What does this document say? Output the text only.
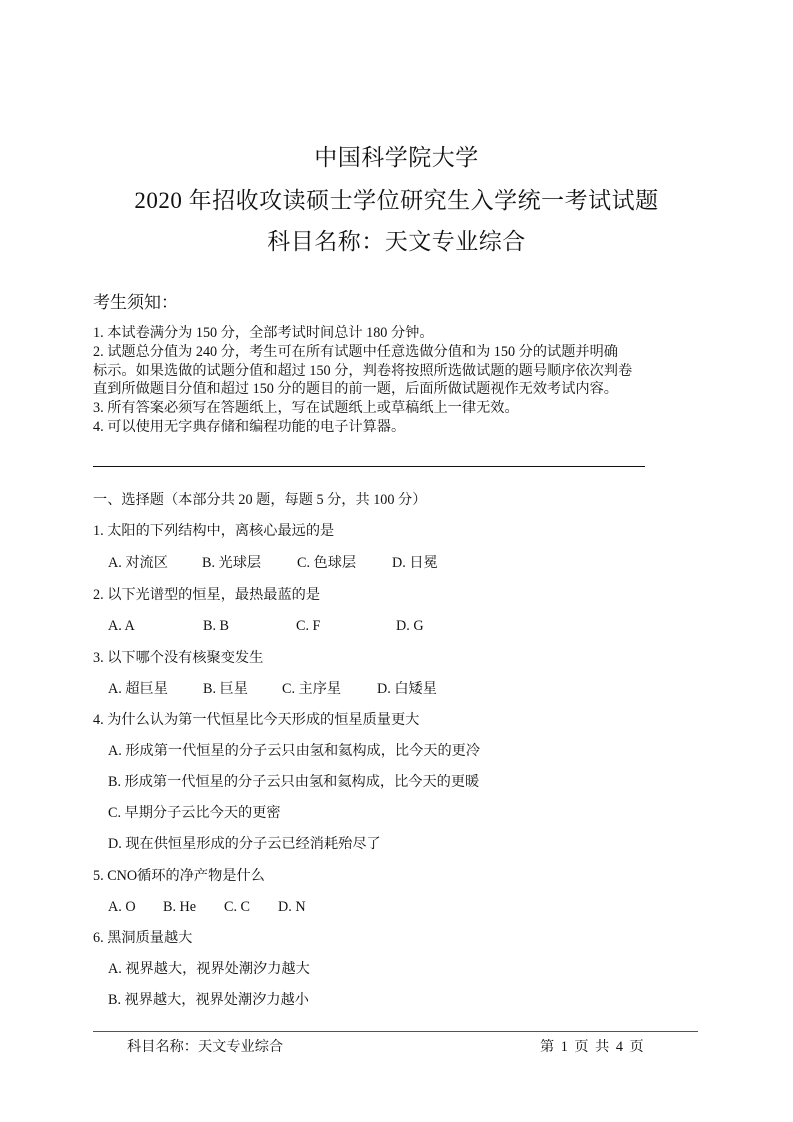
中国科学院大学
2020 年招收攻读硕士学位研究生入学统一考试试题
科目名称：天文专业综合
考生须知：
1. 本试卷满分为 150 分，全部考试时间总计 180 分钟。
2. 试题总分值为 240 分，考生可在所有试题中任意选做分值和为 150 分的试题并明确
标示。如果选做的试题分值和超过 150 分，判卷将按照所选做试题的题号顺序依次判卷
直到所做题目分值和超过 150 分的题目的前一题，后面所做试题视作无效考试内容。
3. 所有答案必须写在答题纸上，写在试题纸上或草稿纸上一律无效。
4. 可以使用无字典存储和编程功能的电子计算器。
一、选择题（本部分共 20 题，每题 5 分，共 100 分）
1. 太阳的下列结构中，离核心最远的是
A. 对流区 B. 光球层	C. 色球层	D. 日冕
2. 以下光谱型的恒星，最热最蓝的是
A. A	B. B	C. F	D. G
3. 以下哪个没有核聚变发生
A. 超巨星 B. 巨星 C. 主序星	D. 白矮星
4. 为什么认为第一代恒星比今天形成的恒星质量更大
A. 形成第一代恒星的分子云只由氢和氦构成，比今天的更冷
B. 形成第一代恒星的分子云只由氢和氦构成，比今天的更暖
C. 早期分子云比今天的更密
D. 现在供恒星形成的分子云已经消耗殆尽了
5. CNO循环的净产物是什么
A. O B. He C. C D. N
6. 黑洞质量越大
A. 视界越大，视界处潮汐力越大
B. 视界越大，视界处潮汐力越小
科目名称：天文专业综合	第 1 页 共 4 页
